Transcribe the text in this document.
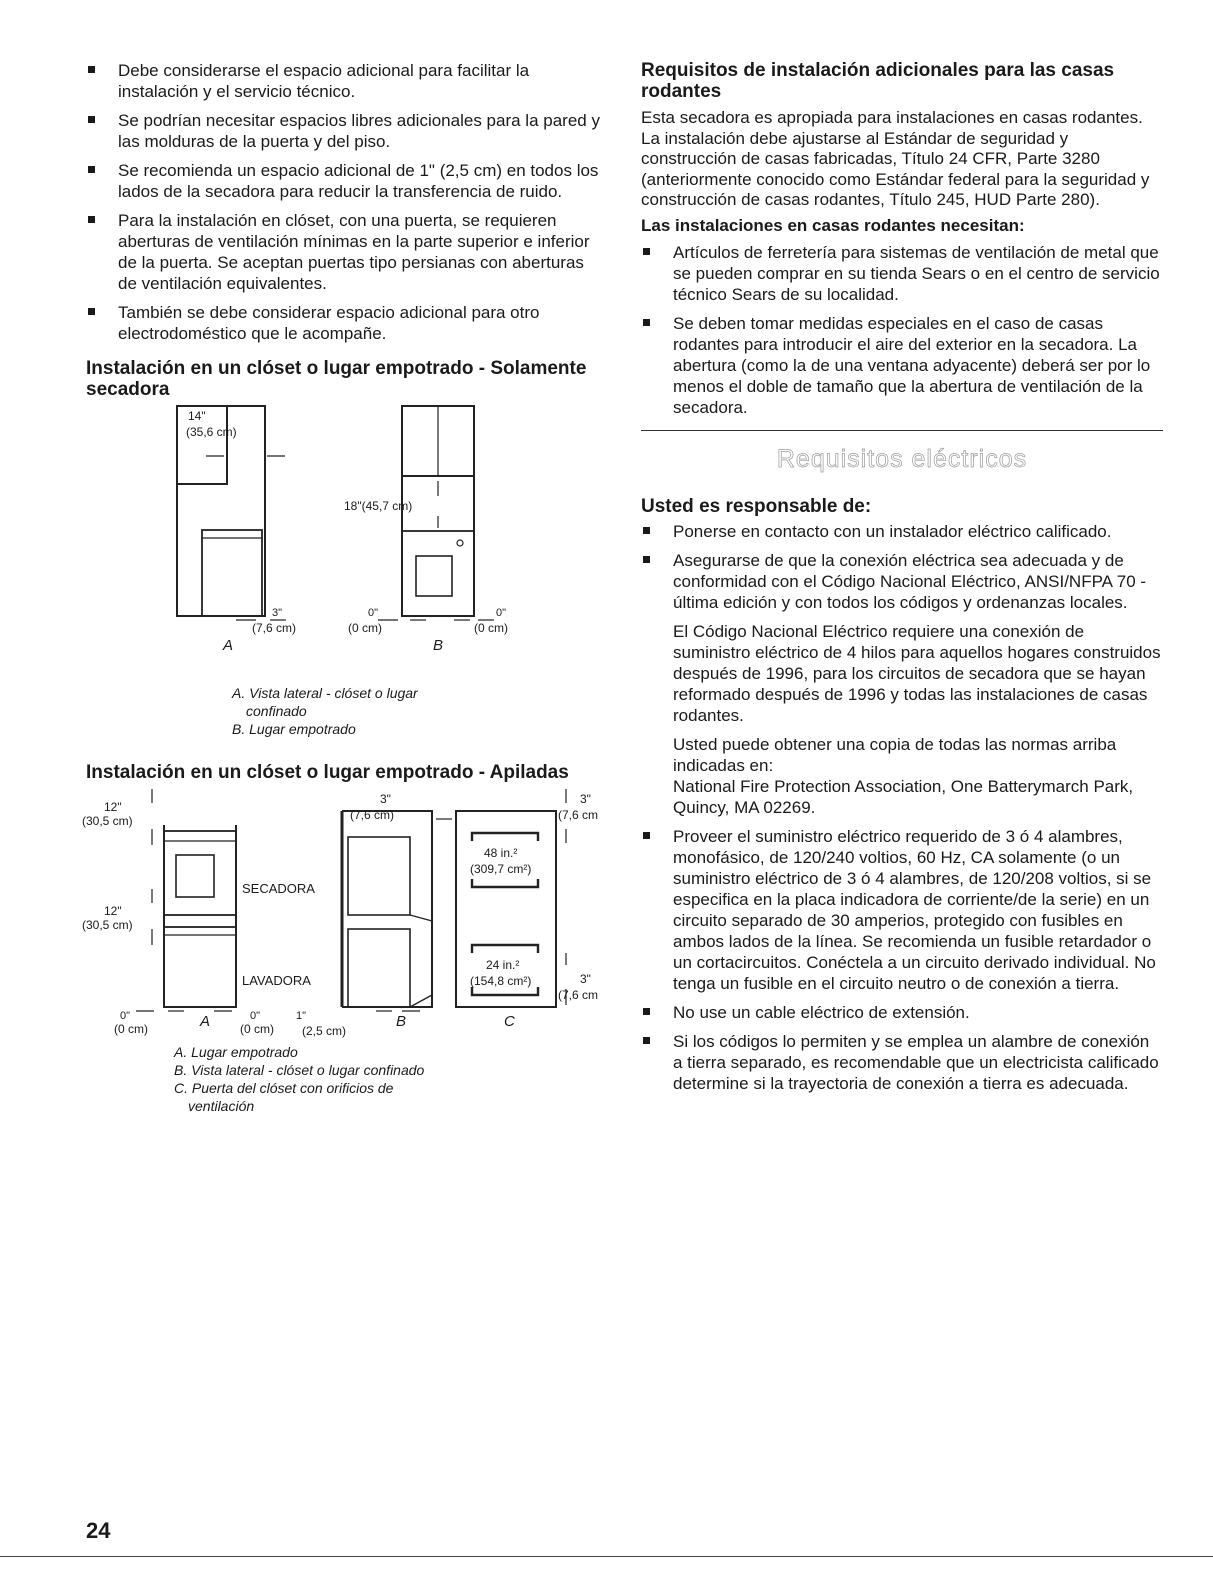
Debe considerarse el espacio adicional para facilitar la instalación y el servicio técnico.
Se podrían necesitar espacios libres adicionales para la pared y las molduras de la puerta y del piso.
Se recomienda un espacio adicional de 1" (2,5 cm) en todos los lados de la secadora para reducir la transferencia de ruido.
Para la instalación en clóset, con una puerta, se requieren aberturas de ventilación mínimas en la parte superior e inferior de la puerta. Se aceptan puertas tipo persianas con aberturas de ventilación equivalentes.
También se debe considerar espacio adicional para otro electrodoméstico que le acompañe.
Instalación en un clóset o lugar empotrado - Solamente secadora
14"
(35,6 cm)
18"(45,7 cm)
3"
(7,6 cm)
0"
(0 cm)
0"
(0 cm)
A	B
A. Vista lateral - clóset o lugar
confinado
B. Lugar empotrado
Instalación en un clóset o lugar empotrado - Apiladas
12"
(30,5 cm)
12"
(30,5 cm)
SECADORA
LAVADORA
0"
(0 cm)
0"
(0 cm)
1"
(2,5 cm)
3"
(7,6 cm)
48 in.²
(309,7 cm²)
24 in.²
(154,8 cm²)
3"
(7,6 cm
3"
(7,6 cm
A	B	C
A. Lugar empotrado
B. Vista lateral - clóset o lugar confinado
C. Puerta del clóset con orificios de
ventilación
Requisitos de instalación adicionales para las casas rodantes

Esta secadora es apropiada para instalaciones en casas rodantes. La instalación debe ajustarse al Estándar de seguridad y construcción de casas fabricadas, Título 24 CFR, Parte 3280 (anteriormente conocido como Estándar federal para la seguridad y construcción de casas rodantes, Título 245, HUD Parte 280).

Las instalaciones en casas rodantes necesitan:
Artículos de ferretería para sistemas de ventilación de metal que se pueden comprar en su tienda Sears o en el centro de servicio técnico Sears de su localidad.
Se deben tomar medidas especiales en el caso de casas rodantes para introducir el aire del exterior en la secadora. La abertura (como la de una ventana adyacente) deberá ser por lo menos el doble de tamaño que la abertura de ventilación de la secadora.
Requisitos eléctricos
Usted es responsable de:
Ponerse en contacto con un instalador eléctrico calificado.
Asegurarse de que la conexión eléctrica sea adecuada y de conformidad con el Código Nacional Eléctrico, ANSI/NFPA 70 - última edición y con todos los códigos y ordenanzas locales.
El Código Nacional Eléctrico requiere una conexión de suministro eléctrico de 4 hilos para aquellos hogares construidos después de 1996, para los circuitos de secadora que se hayan reformado después de 1996 y todas las instalaciones de casas rodantes.
Usted puede obtener una copia de todas las normas arriba indicadas en:
National Fire Protection Association, One Batterymarch Park, Quincy, MA 02269.
Proveer el suministro eléctrico requerido de 3 ó 4 alambres, monofásico, de 120/240 voltios, 60 Hz, CA solamente (o un suministro eléctrico de 3 ó 4 alambres, de 120/208 voltios, si se especifica en la placa indicadora de corriente/de la serie) en un circuito separado de 30 amperios, protegido con fusibles en ambos lados de la línea. Se recomienda un fusible retardador o un cortacircuitos. Conéctela a un circuito derivado individual. No tenga un fusible en el circuito neutro o de conexión a tierra.
No use un cable eléctrico de extensión.
Si los códigos lo permiten y se emplea un alambre de conexión a tierra separado, es recomendable que un electricista calificado determine si la trayectoria de conexión a tierra es adecuada.
24
